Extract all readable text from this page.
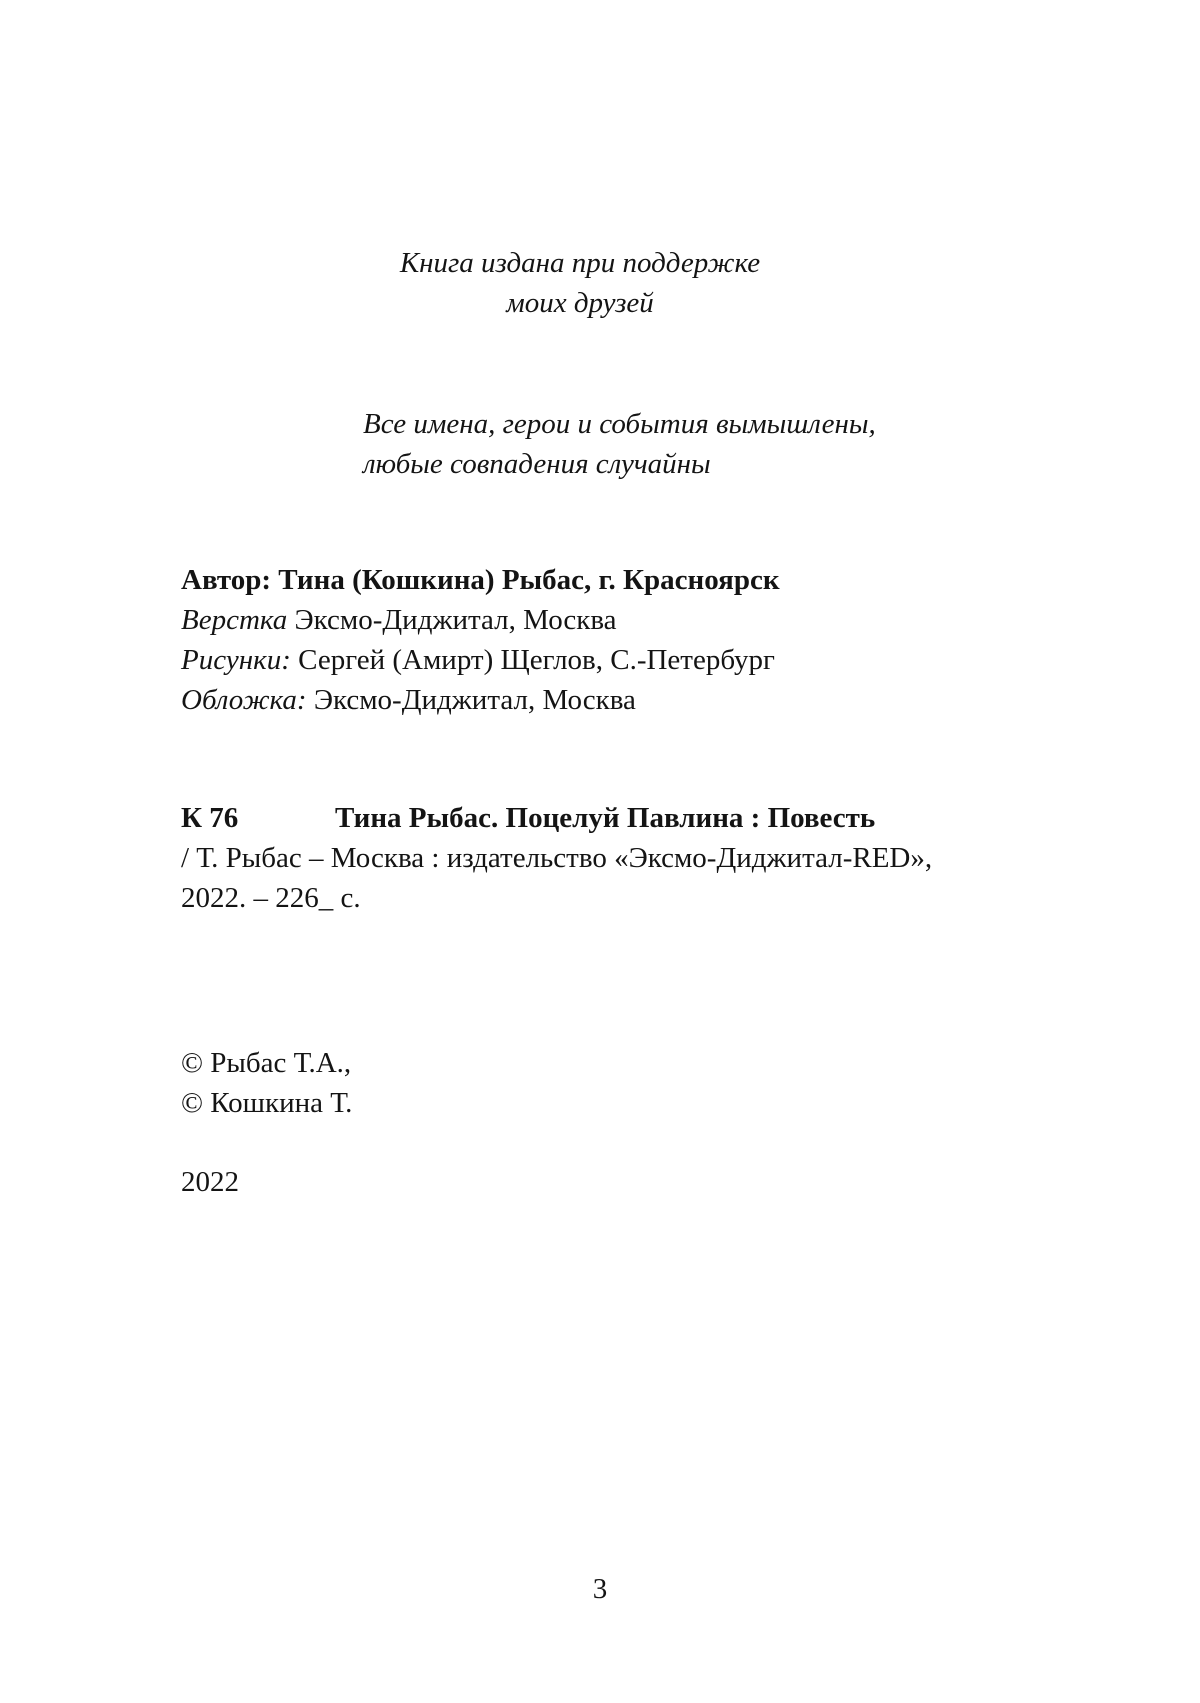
Книга издана при поддержке
моих друзей
Все имена, герои и события вымышлены,
любые совпадения случайны
Автор: Тина (Кошкина) Рыбас, г. Красноярск
Верстка Эксмо-Диджитал, Москва
Рисунки: Сергей (Амирт) Щеглов, С.-Петербург
Обложка: Эксмо-Диджитал, Москва
К 76	Тина Рыбас. Поцелуй Павлина : Повесть
/ Т. Рыбас – Москва : издательство «Эксмо-Диджитал-RED»,
2022. – 226_ с.
© Рыбас Т.А.,
© Кошкина Т.
2022
3
